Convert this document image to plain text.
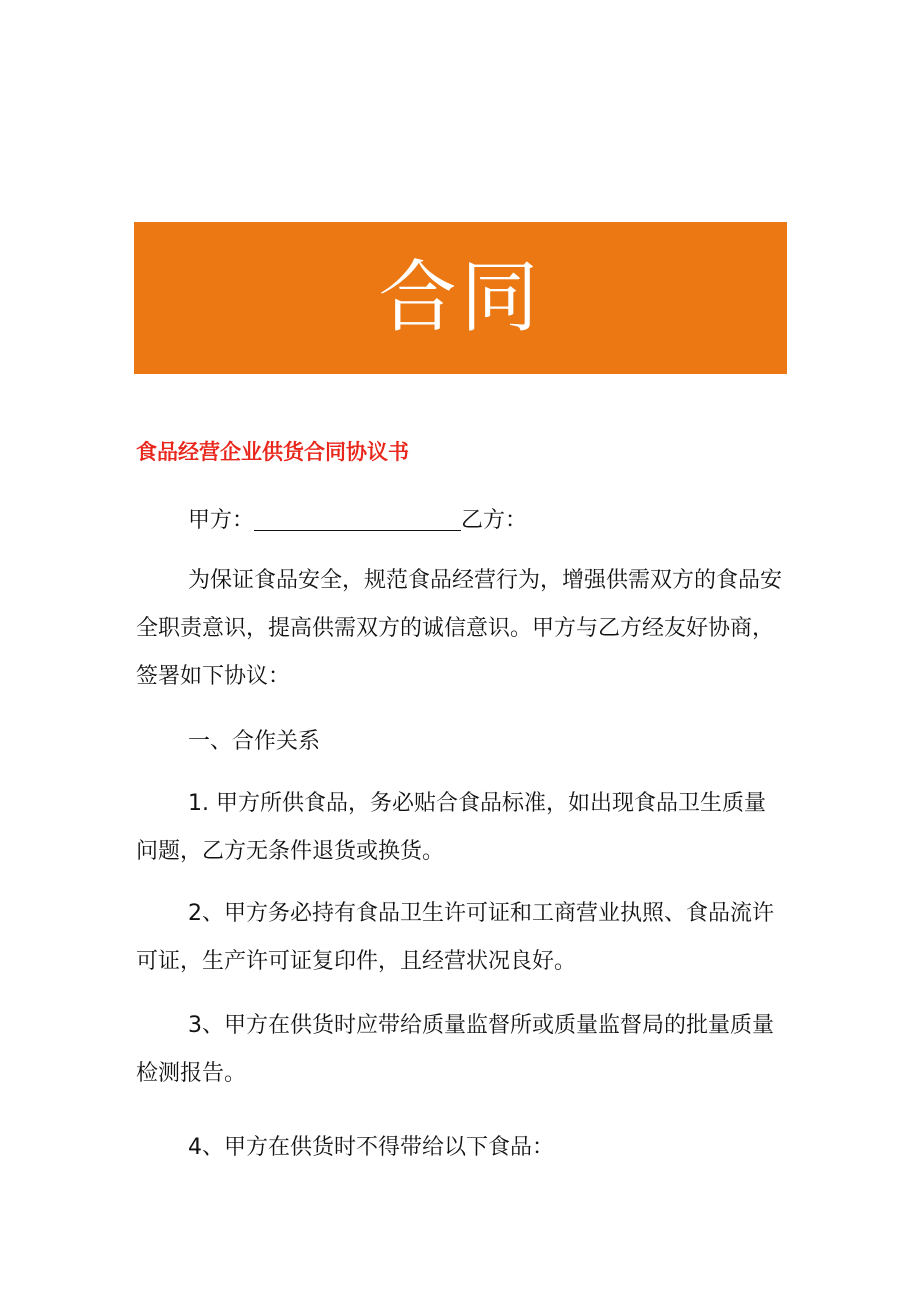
合同
食品经营企业供货合同协议书

甲方：	乙方：

为保证食品安全，规范食品经营行为，增强供需双方的食品安全职责意识，提高供需双方的诚信意识。甲方与乙方经友好协商，签署如下协议：

一、合作关系

1. 甲方所供食品，务必贴合食品标准，如出现食品卫生质量问题，乙方无条件退货或换货。

2、甲方务必持有食品卫生许可证和工商营业执照、食品流许可证，生产许可证复印件，且经营状况良好。

3、甲方在供货时应带给质量监督所或质量监督局的批量质量检测报告。

4、甲方在供货时不得带给以下食品：
